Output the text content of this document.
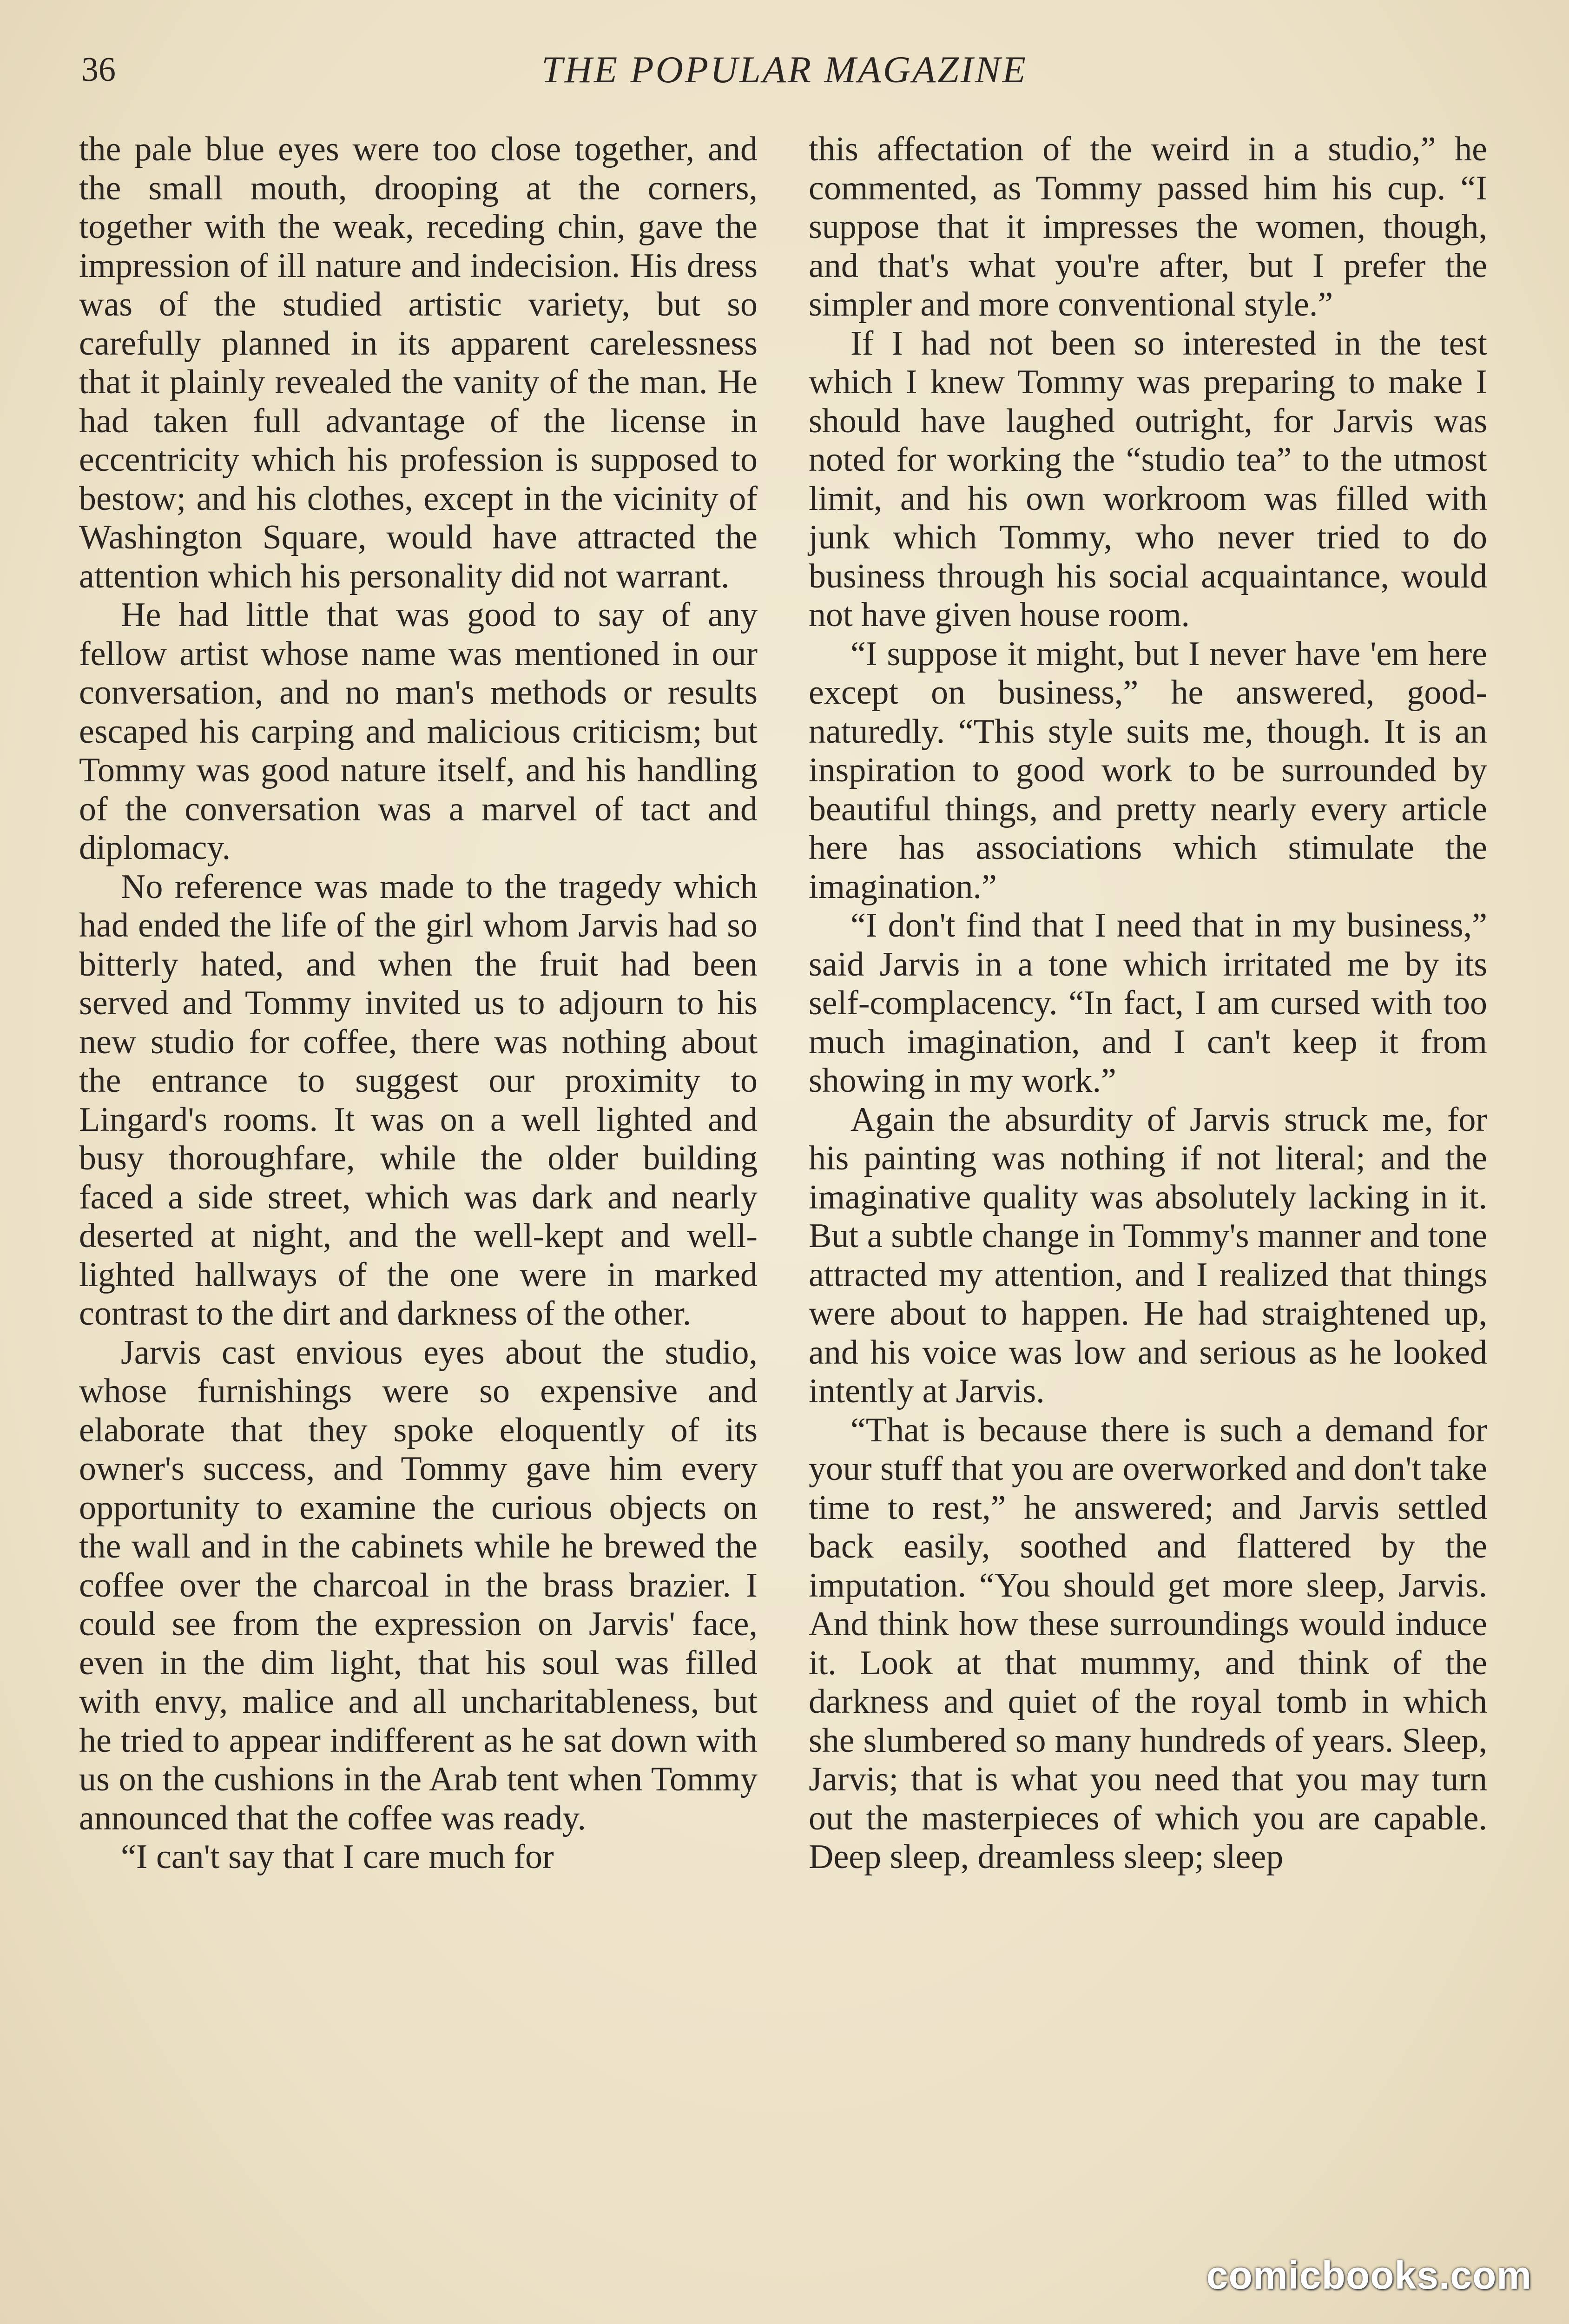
36	THE POPULAR MAGAZINE

the pale blue eyes were too close together, and the small mouth, drooping at the corners, together with the weak, receding chin, gave the impression of ill nature and indecision. His dress was of the studied artistic variety, but so carefully planned in its apparent carelessness that it plainly revealed the vanity of the man. He had taken full advantage of the license in eccentricity which his profession is supposed to bestow; and his clothes, except in the vicinity of Washington Square, would have attracted the attention which his personality did not warrant.

He had little that was good to say of any fellow artist whose name was mentioned in our conversation, and no man's methods or results escaped his carping and malicious criticism; but Tommy was good nature itself, and his handling of the conversation was a marvel of tact and diplomacy.

No reference was made to the tragedy which had ended the life of the girl whom Jarvis had so bitterly hated, and when the fruit had been served and Tommy invited us to adjourn to his new studio for coffee, there was nothing about the entrance to suggest our proximity to Lingard's rooms. It was on a well lighted and busy thoroughfare, while the older building faced a side street, which was dark and nearly deserted at night, and the well-kept and well-lighted hallways of the one were in marked contrast to the dirt and darkness of the other.

Jarvis cast envious eyes about the studio, whose furnishings were so expensive and elaborate that they spoke eloquently of its owner's success, and Tommy gave him every opportunity to examine the curious objects on the wall and in the cabinets while he brewed the coffee over the charcoal in the brass brazier. I could see from the expression on Jarvis' face, even in the dim light, that his soul was filled with envy, malice and all uncharitableness, but he tried to appear indifferent as he sat down with us on the cushions in the Arab tent when Tommy announced that the coffee was ready.

“I can't say that I care much for

this affectation of the weird in a studio,” he commented, as Tommy passed him his cup. “I suppose that it impresses the women, though, and that's what you're after, but I prefer the simpler and more conventional style.”

If I had not been so interested in the test which I knew Tommy was preparing to make I should have laughed outright, for Jarvis was noted for working the “studio tea” to the utmost limit, and his own workroom was filled with junk which Tommy, who never tried to do business through his social acquaintance, would not have given house room.

“I suppose it might, but I never have 'em here except on business,” he answered, good-naturedly. “This style suits me, though. It is an inspiration to good work to be surrounded by beautiful things, and pretty nearly every article here has associations which stimulate the imagination.”

“I don't find that I need that in my business,” said Jarvis in a tone which irritated me by its self-complacency. “In fact, I am cursed with too much imagination, and I can't keep it from showing in my work.”

Again the absurdity of Jarvis struck me, for his painting was nothing if not literal; and the imaginative quality was absolutely lacking in it. But a subtle change in Tommy's manner and tone attracted my attention, and I realized that things were about to happen. He had straightened up, and his voice was low and serious as he looked intently at Jarvis.

“That is because there is such a demand for your stuff that you are overworked and don't take time to rest,” he answered; and Jarvis settled back easily, soothed and flattered by the imputation. “You should get more sleep, Jarvis. And think how these surroundings would induce it. Look at that mummy, and think of the darkness and quiet of the royal tomb in which she slumbered so many hundreds of years. Sleep, Jarvis; that is what you need that you may turn out the masterpieces of which you are capable. Deep sleep, dreamless sleep; sleep

comicbooks.com
